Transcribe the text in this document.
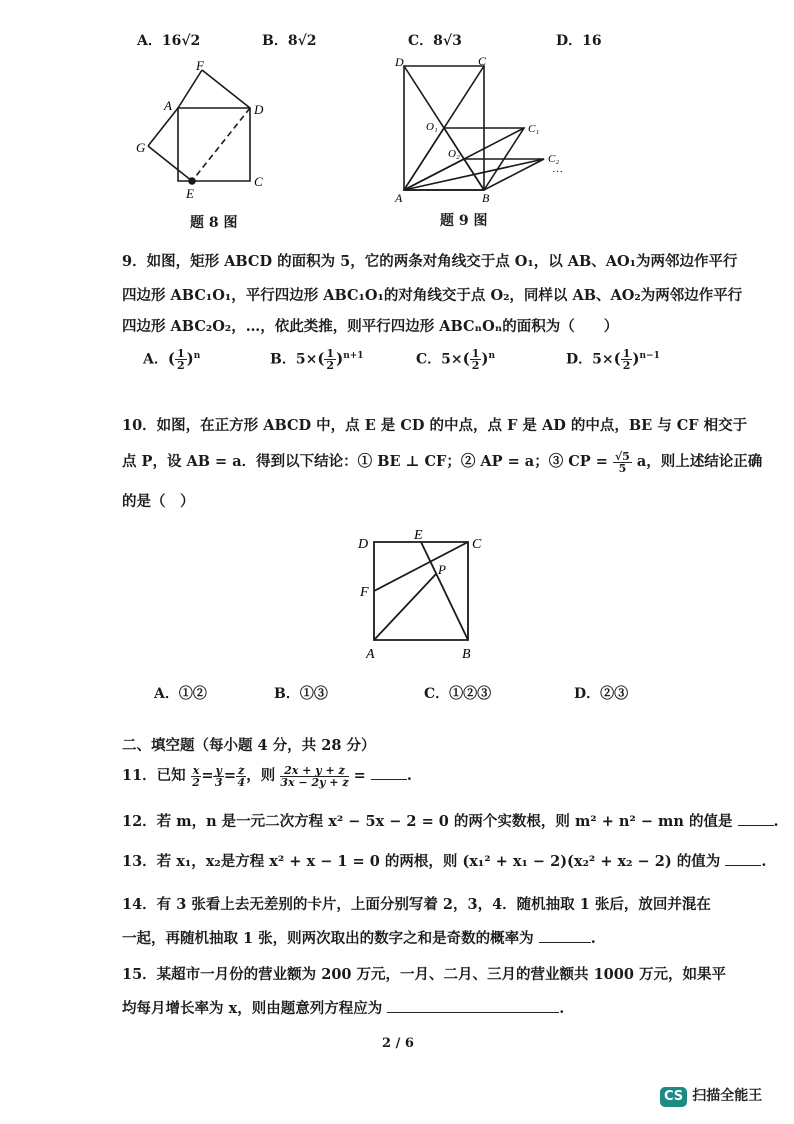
A．16√2	B．8√2	C．8√3	D．16
F
A	D
G
E
C
题 8 图
D	C
O₁	C₁
O₂	C₂
···
A	B
题 9 图
9．如图，矩形 ABCD 的面积为 5，它的两条对角线交于点 O₁，以 AB、AO₁为两邻边作平行
四边形 ABC₁O₁，平行四边形 ABC₁O₁的对角线交于点 O₂，同样以 AB、AO₂为两邻边作平行
四边形 ABC₂O₂，…，依此类推，则平行四边形 ABCₙOₙ的面积为（　　）
A．( $\frac{1}{2} )^n$	B．$5\times( \frac{1}{2} )^{n+1}$	C．$5\times( \frac{1}{2} )^n$	D．$5\times( \frac{1}{2} )^{n-1}$
10．如图，在正方形 ABCD 中，点 E 是 CD 的中点，点 F 是 AD 的中点，BE 与 CF 相交于
点 P，设 AB = a．得到以下结论：① BE ⊥ CF；② AP = a；③ CP = $\frac{√5}{5}$ a，则上述结论正确
的是（　）
D
E
C
P
F
A	B
A．①②	B．①③	C．①②③	D．②③
二、填空题（每小题 4 分，共 28 分）
11．已知 $\frac{x}{2} = \frac{y}{3} = \frac{z}{4}$ ，则 $\frac{2x + y + z}{3x - 2y + z}$ =	.
12．若 m，n 是一元二次方程 x² − 5x − 2 = 0 的两个实数根，则 m² + n² − mn 的值是	.
13．若 x₁，x₂是方程 x² + x − 1 = 0 的两根，则 (x₁² + x₁ − 2)(x₂² + x₂ − 2) 的值为	.
14．有 3 张看上去无差别的卡片，上面分别写着 2，3，4．随机抽取 1 张后，放回并混在
一起，再随机抽取 1 张，则两次取出的数字之和是奇数的概率为	.
15．某超市一月份的营业额为 200 万元，一月、二月、三月的营业额共 1000 万元，如果平
均每月增长率为 x，则由题意列方程应为	.
2 / 6
CS 扫描全能王
